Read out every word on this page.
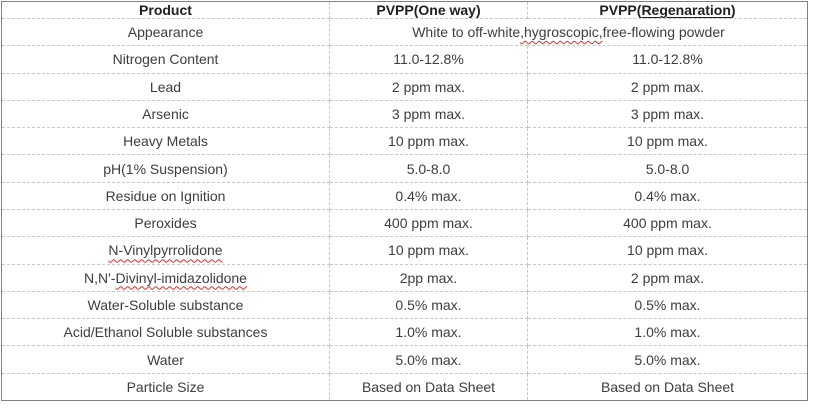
Product	PVPP(One way)	PVPP(Regenaration)
Appearance	White to off-white,hygroscopic,free-flowing powder	
Nitrogen Content	11.0-12.8%	11.0-12.8%
Lead	2 ppm max.	2 ppm max.
Arsenic	3 ppm max.	3 ppm max.
Heavy Metals	10 ppm max.	10 ppm max.
pH(1% Suspension)	5.0-8.0	5.0-8.0
Residue on Ignition	0.4% max.	0.4% max.
Peroxides	400 ppm max.	400 ppm max.
N-Vinylpyrrolidone	10 ppm max.	10 ppm max.
N,N'-Divinyl-imidazolidone	2pp max.	2 ppm max.
Water-Soluble substance	0.5% max.	0.5% max.
Acid/Ethanol Soluble substances	1.0% max.	1.0% max.
Water	5.0% max.	5.0% max.
Particle Size	Based on Data Sheet	Based on Data Sheet
